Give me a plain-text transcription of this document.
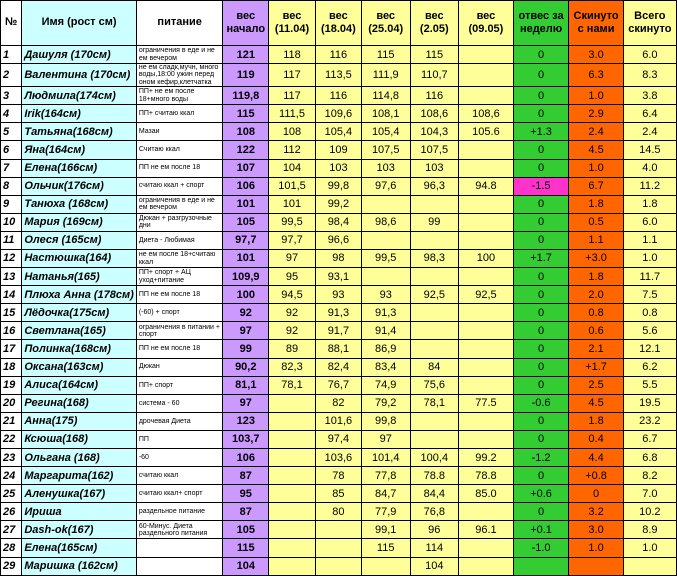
№	Имя (рост см)	питание	вес начало	вес (11.04)	вес (18.04)	вес (25.04)	вес (2.05)	вес (09.05)	отвес за неделю	Скинуто с нами	Всего скинуто
1	Дашуля (170см)	ограничения в еде и не ем вечером	121	118	116	115	115		0	3.0	6.0
2	Валентина (170см)	не ем сладк,мучн, много воды,18:00 ужин перед оном кефир,клетчатка	119	117	113,5	111,9	110,7		0	6.3	8.3
3	Людмила(174см)	ПП+ не ем после 18+много воды	119,8	117	116	114,8	116		0	1.0	3.8
4	Irik(164см)	ПП+ считаю ккал	115	111,5	109,6	108,1	108,6	108,6	0	2.9	6.4
5	Татьяна(168см)	Мазаи	108	108	105,4	105,4	104,3	105.6	+1.3	2.4	2.4
6	Яна(164см)	Считаю ккал	122	112	109	107,5	107,5		0	4.5	14.5
7	Елена(166см)	ПП не ем после 18	107	104	103	103	103		0	1.0	4.0
8	Ольчик(176см)	считаю ккал + спорт	106	101,5	99,8	97,6	96,3	94.8	-1.5	6.7	11.2
9	Танюха (168см)	ограничения в еде и не ем вечером	101	101	99,2				0	1.8	1.8
10	Мария (169см)	Дюкан + разгрузочные дни	105	99,5	98,4	98,6	99		0	0.5	6.0
11	Олеся (165см)	Диета - Любимая	97,7	97,7	96,6				0	1.1	1.1
12	Настюшка(164)	не ем после 18+считаю ккал	101	97	98	99,5	98,3	100	+1.7	+3.0	1.0
13	Натанья(165)	ПП+ спорт + АЦ уход+питание	109,9	95	93,1				0	1.8	11.7
14	Плюха Анна (178см)	ПП не ем после 18	100	94,5	93	93	92,5	92,5	0	2.0	7.5
15	Лёдочка(175см)	(-60) + спорт	92	92	91,3	91,3			0	0.8	0.8
16	Светлана(165)	ограничения в питании + спорт	97	92	91,7	91,4			0	0.6	5.6
17	Полинка(168см)	ПП не ем после 18	99	89	88,1	86,9			0	2.1	12.1
18	Оксана(163см)	Дюкан	90,2	82,3	82,4	83,4	84		0	+1.7	6.2
19	Алиса(164см)	ПП+ спорт	81,1	78,1	76,7	74,9	75,6		0	2.5	5.5
20	Регина(168)	система - 60	97		82	79,2	78,1	77.5	-0.6	4.5	19.5
21	Анна(175)	дрочевая Диета	123		101,6	99,8			0	1.8	23.2
22	Ксюша(168)	ПП	103,7		97,4	97			0	0.4	6.7
23	Ольгана (168)	-60	106		103,6	101,4	100,4	99.2	-1.2	4.4	6.8
24	Маргарита(162)	считаю ккал	87		78	77,8	78.8	78.8	0	+0.8	8.2
25	Аленушка(167)	считаю ккал+ спорт	95		85	84,7	84,4	85.0	+0.6	0	7.0
26	Ириша	раздельное питание	87		80	77,9	76,8		0	3.2	10.2
27	Dash-ok(167)	60-Минус. Диета раздельного питания	105			99,1	96	96.1	+0.1	3.0	8.9
28	Елена(165см)		115			115	114		-1.0	1.0	1.0
29	Маришка (162см)		104				104				
